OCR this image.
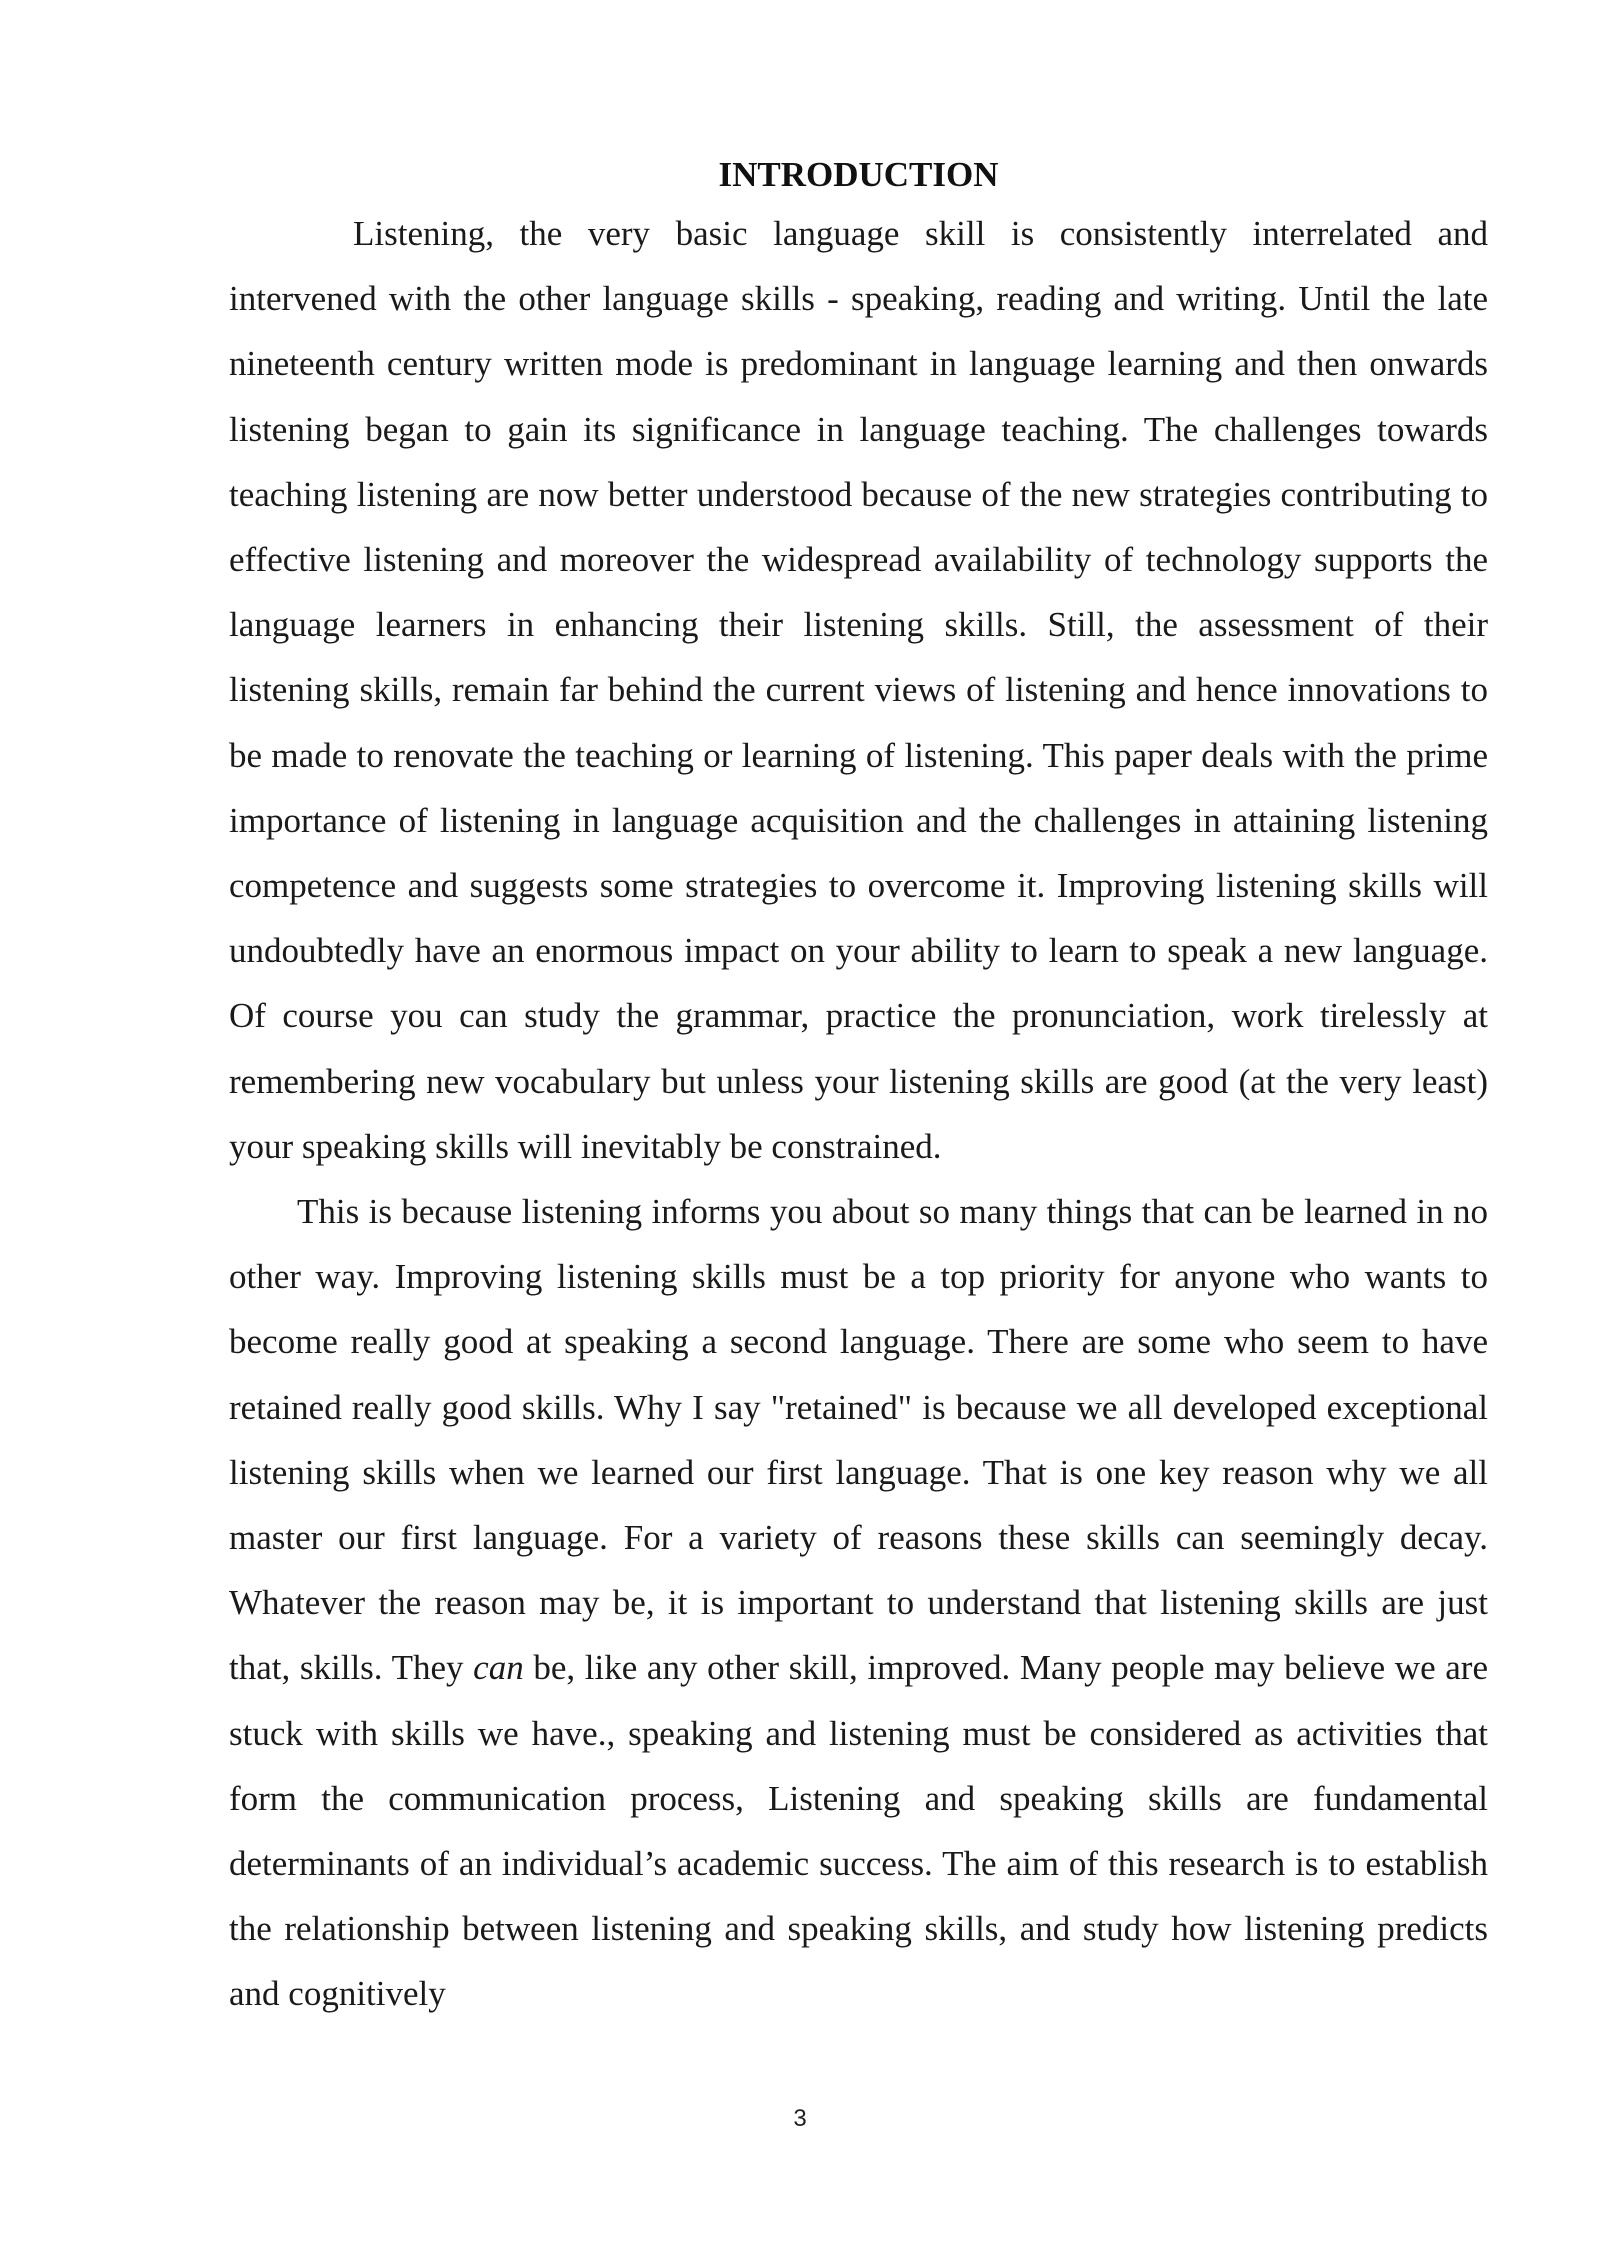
INTRODUCTION

Listening, the very basic language skill is consistently interrelated and intervened with the other language skills - speaking, reading and writing. Until the late nineteenth century written mode is predominant in language learning and then onwards listening began to gain its significance in language teaching. The challenges towards teaching listening are now better understood because of the new strategies contributing to effective listening and moreover the widespread availability of technology supports the language learners in enhancing their listening skills. Still, the assessment of their listening skills, remain far behind the current views of listening and hence innovations to be made to renovate the teaching or learning of listening. This paper deals with the prime importance of listening in language acquisition and the challenges in attaining listening competence and suggests some strategies to overcome it. Improving listening skills will undoubtedly have an enormous impact on your ability to learn to speak a new language. Of course you can study the grammar, practice the pronunciation, work tirelessly at remembering new vocabulary but unless your listening skills are good (at the very least) your speaking skills will inevitably be constrained.

This is because listening informs you about so many things that can be learned in no other way. Improving listening skills must be a top priority for anyone who wants to become really good at speaking a second language. There are some who seem to have retained really good skills. Why I say "retained" is because we all developed exceptional listening skills when we learned our first language. That is one key reason why we all master our first language. For a variety of reasons these skills can seemingly decay. Whatever the reason may be, it is important to understand that listening skills are just that, skills. They can be, like any other skill, improved. Many people may believe we are stuck with skills we have., speaking and listening must be considered as activities that form the communication process, Listening and speaking skills are fundamental determinants of an individual’s academic success. The aim of this research is to establish the relationship between listening and speaking skills, and study how listening predicts and cognitively

3
